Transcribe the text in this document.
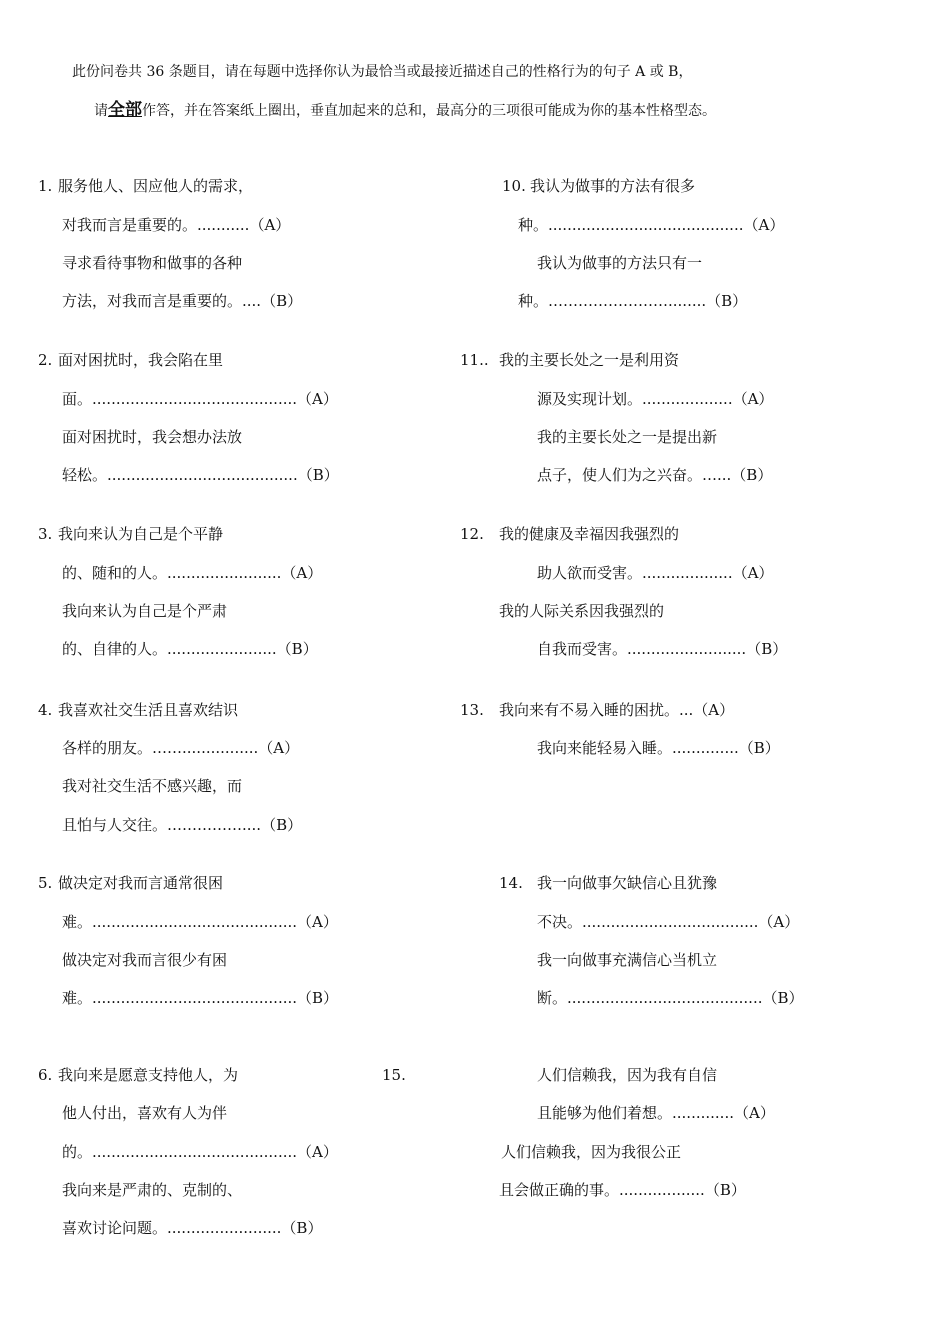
此份问卷共 36 条题目，请在每题中选择你认为最恰当或最接近描述自己的性格行为的句子 A 或 B，
请全部作答，并在答案纸上圈出，垂直加起来的总和，最高分的三项很可能成为你的基本性格型态。
1. 服务他人、因应他人的需求，
对我而言是重要的。...........（A）
寻求看待事物和做事的各种
方法，对我而言是重要的。....（B）
2. 面对困扰时，我会陷在里
面。...........................................（A）
面对困扰时，我会想办法放
轻松。........................................（B）
3. 我向来认为自己是个平静
的、随和的人。........................（A）
我向来认为自己是个严肃
的、自律的人。.......................（B）
4. 我喜欢社交生活且喜欢结识
各样的朋友。……................（A）
我对社交生活不感兴趣，而
且怕与人交往。……………....（B）
5. 做决定对我而言通常很困
难。...........................................（A）
做决定对我而言很少有困
难。...........................................（B）
6. 我向来是愿意支持他人，为
他人付出，喜欢有人为伴
的。...........................................（A）
我向来是严肃的、克制的、
喜欢讨论问题。........................（B）
10. 我认为做事的方法有很多
种。.........................................（A）
我认为做事的方法只有一
种。……………………........（B）
11.. 我的主要长处之一是利用资
源及实现计划。...................（A）
我的主要长处之一是提出新
点子，使人们为之兴奋。…...（B）
12. 我的健康及幸福因我强烈的
助人欲而受害。...................（A）
我的人际关系因我强烈的
自我而受害。.........................（B）
13. 我向来有不易入睡的困扰。...（A）
我向来能轻易入睡。..............（B）
14. 我一向做事欠缺信心且犹豫
不决。.....................................（A）
我一向做事充满信心当机立
断。.........................................（B）
15.	人们信赖我，因为我有自信
且能够为他们着想。.............（A）
人们信赖我，因为我很公正
且会做正确的事。..................（B）
